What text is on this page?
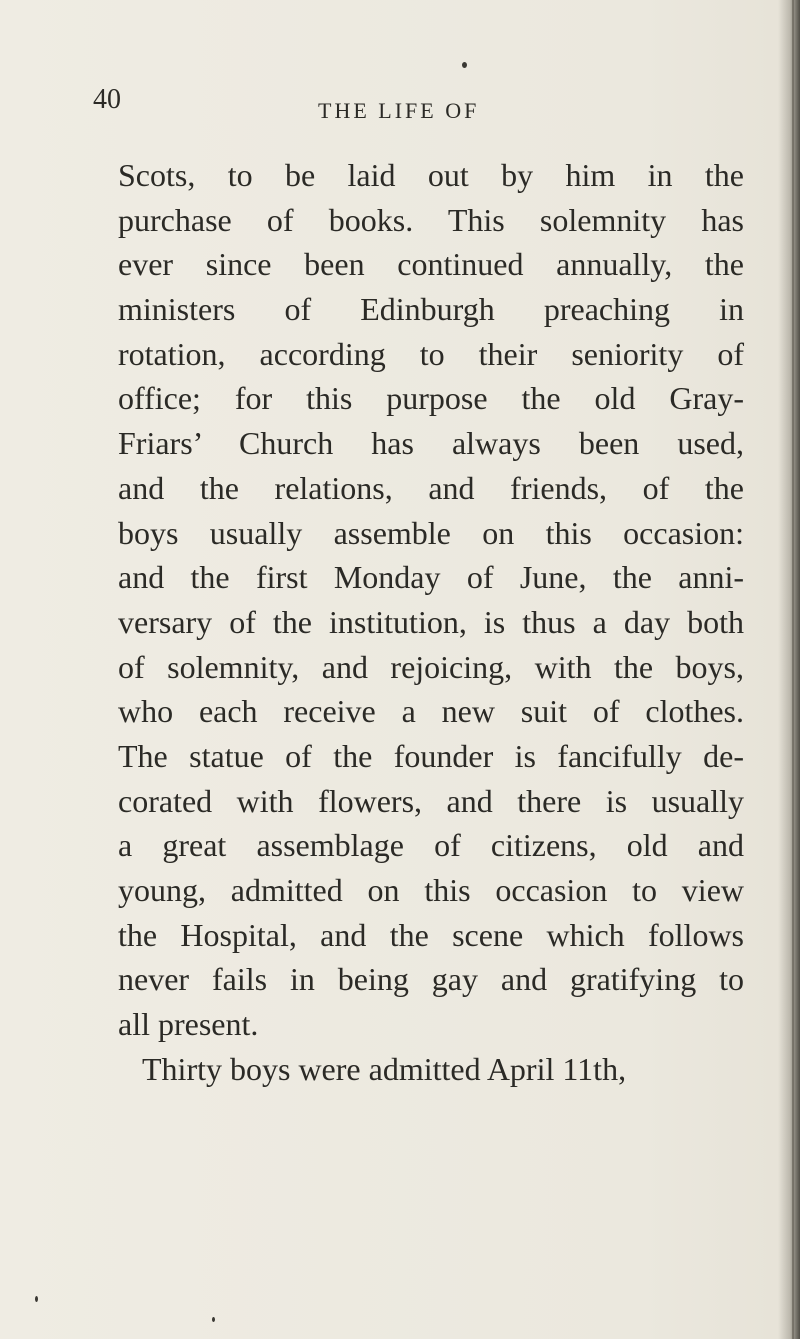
40	THE LIFE OF
Scots, to be laid out by him in the
purchase of books. This solemnity has
ever since been continued annually, the
ministers of Edinburgh preaching in
rotation, according to their seniority of
office; for this purpose the old Gray-
Friars’ Church has always been used,
and the relations, and friends, of the
boys usually assemble on this occasion:
and the first Monday of June, the anni-
versary of the institution, is thus a day both
of solemnity, and rejoicing, with the boys,
who each receive a new suit of clothes.
The statue of the founder is fancifully de-
corated with flowers, and there is usually
a great assemblage of citizens, old and
young, admitted on this occasion to view
the Hospital, and the scene which follows
never fails in being gay and gratifying to
all present.
Thirty boys were admitted April 11th,
